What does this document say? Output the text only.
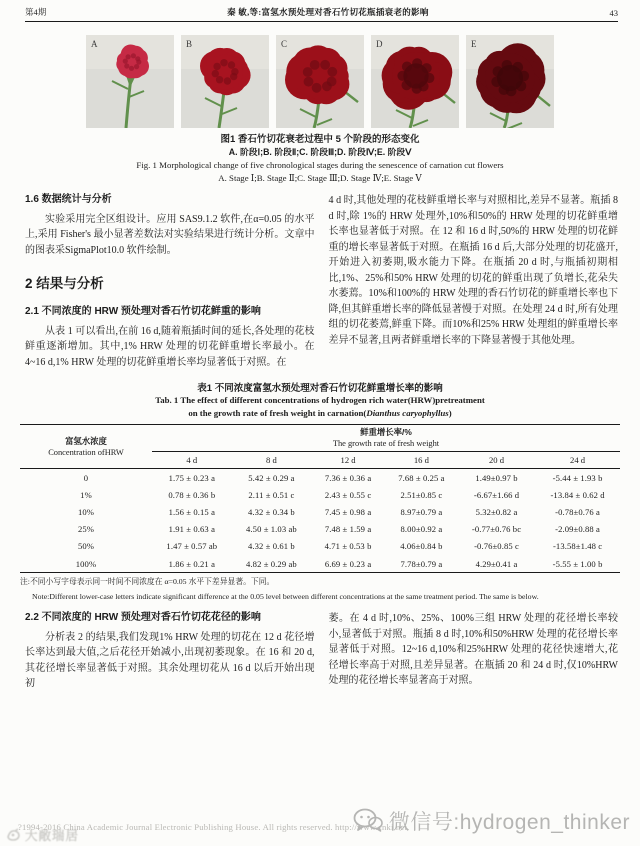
第4期	秦 敏,等:富氢水预处理对香石竹切花瓶插衰老的影响	43
A	B	C	D	E
图1 香石竹切花衰老过程中 5 个阶段的形态变化
A. 阶段Ⅰ;B. 阶段Ⅱ;C. 阶段Ⅲ;D. 阶段Ⅳ;E. 阶段Ⅴ
Fig. 1 Morphological change of five chronological stages during the senescence of carnation cut flowers
A. Stage Ⅰ;B. Stage Ⅱ;C. Stage Ⅲ;D. Stage Ⅳ;E. Stage Ⅴ
1.6 数据统计与分析

实验采用完全区组设计。应用 SAS9.1.2 软件,在α=0.05 的水平上,采用 Fisher's 最小显著差数法对实验结果进行统计分析。文章中的图表采SigmaPlot10.0 软件绘制。

2 结果与分析
2.1 不同浓度的 HRW 预处理对香石竹切花鲜重的影响

从表 1 可以看出,在前 16 d,随着瓶插时间的延长,各处理的花枝鲜重逐渐增加。其中,1% HRW 处理的切花鲜重增长率最小。在 4~16 d,1% HRW 处理的切花鲜重增长率均显著低于对照。在

4 d 时,其他处理的花枝鲜重增长率与对照相比,差异不显著。瓶插 8 d 时,除 1%的 HRW 处理外,10%和50%的 HRW 处理的切花鲜重增长率也显著低于对照。在 12 和 16 d 时,50%的 HRW 处理的切花鲜重的增长率显著低于对照。在瓶插 16 d 后,大部分处理的切花盛开,开始进入初萎期,吸水能力下降。在瓶插 20 d 时,与瓶插初期相比,1%、25%和50% HRW 处理的切花的鲜重出现了负增长,花朵失水萎蔫。10%和100%的 HRW 处理的香石竹切花的鲜重增长率也下降,但其鲜重增长率的降低显著慢于对照。在处理 24 d 时,所有处理组的切花萎蔫,鲜重下降。而10%和25% HRW 处理组的鲜重增长率差异不显著,且两者鲜重增长率的下降显著慢于其他处理。

表1 不同浓度富氢水预处理对香石竹切花鲜重增长率的影响
Tab. 1 The effect of different concentrations of hydrogen rich water(HRW)pretreatment
on the growth rate of fresh weight in carnation(Dianthus caryophyllus)
富氢水浓度
Concentration ofHRW	鲜重增长率/%
The growth rate of fresh weight					
	4 d	8 d	12 d	16 d	20 d	24 d
0	1.75 ± 0.23 a	5.42 ± 0.29 a	7.36 ± 0.36 a	7.68 ± 0.25 a	1.49±0.97 b	-5.44 ± 1.93 b
1%	0.78 ± 0.36 b	2.11 ± 0.51 c	2.43 ± 0.55 c	2.51±0.85 c	-6.67±1.66 d	-13.84 ± 0.62 d
10%	1.56 ± 0.15 a	4.32 ± 0.34 b	7.45 ± 0.98 a	8.97±0.79 a	5.32±0.82 a	-0.78±0.76 a
25%	1.91 ± 0.63 a	4.50 ± 1.03 ab	7.48 ± 1.59 a	8.00±0.92 a	-0.77±0.76 bc	-2.09±0.88 a
50%	1.47 ± 0.57 ab	4.32 ± 0.61 b	4.71 ± 0.53 b	4.06±0.84 b	-0.76±0.85 c	-13.58±1.48 c
100%	1.86 ± 0.21 a	4.82 ± 0.29 ab	6.69 ± 0.23 a	7.78±0.79 a	4.29±0.41 a	-5.55 ± 1.00 b
注:不同小写字母表示同一时间不同浓度在 α=0.05 水平下差异显著。下同。
Note:Different lower-case letters indicate significant difference at the 0.05 level between different concentrations at the same treatment period. The same is below.
2.2 不同浓度的 HRW 预处理对香石竹切花花径的影响

分析表 2 的结果,我们发现1% HRW 处理的切花在 12 d 花径增长率达到最大值,之后花径开始减小,出现初萎现象。在 16 和 20 d,其花径增长率显著低于对照。其余处理切花从 16 d 以后开始出现初

萎。在 4 d 时,10%、25%、100%三组 HRW 处理的花径增长率较小,显著低于对照。瓶插 8 d 时,10%和50%HRW 处理的花径增长率显著低于对照。12~16 d,10%和25%HRW 处理的花径快速增大,花径增长率高于对照,且差异显著。在瓶插 20 和 24 d 时,仅10%HRW 处理的花径增长率显著高于对照。

?1994-2016 China Academic Journal Electronic Publishing House. All rights reserved. http://www.cnki.net
微信号:hydrogen_thinker
大敞瑞居
